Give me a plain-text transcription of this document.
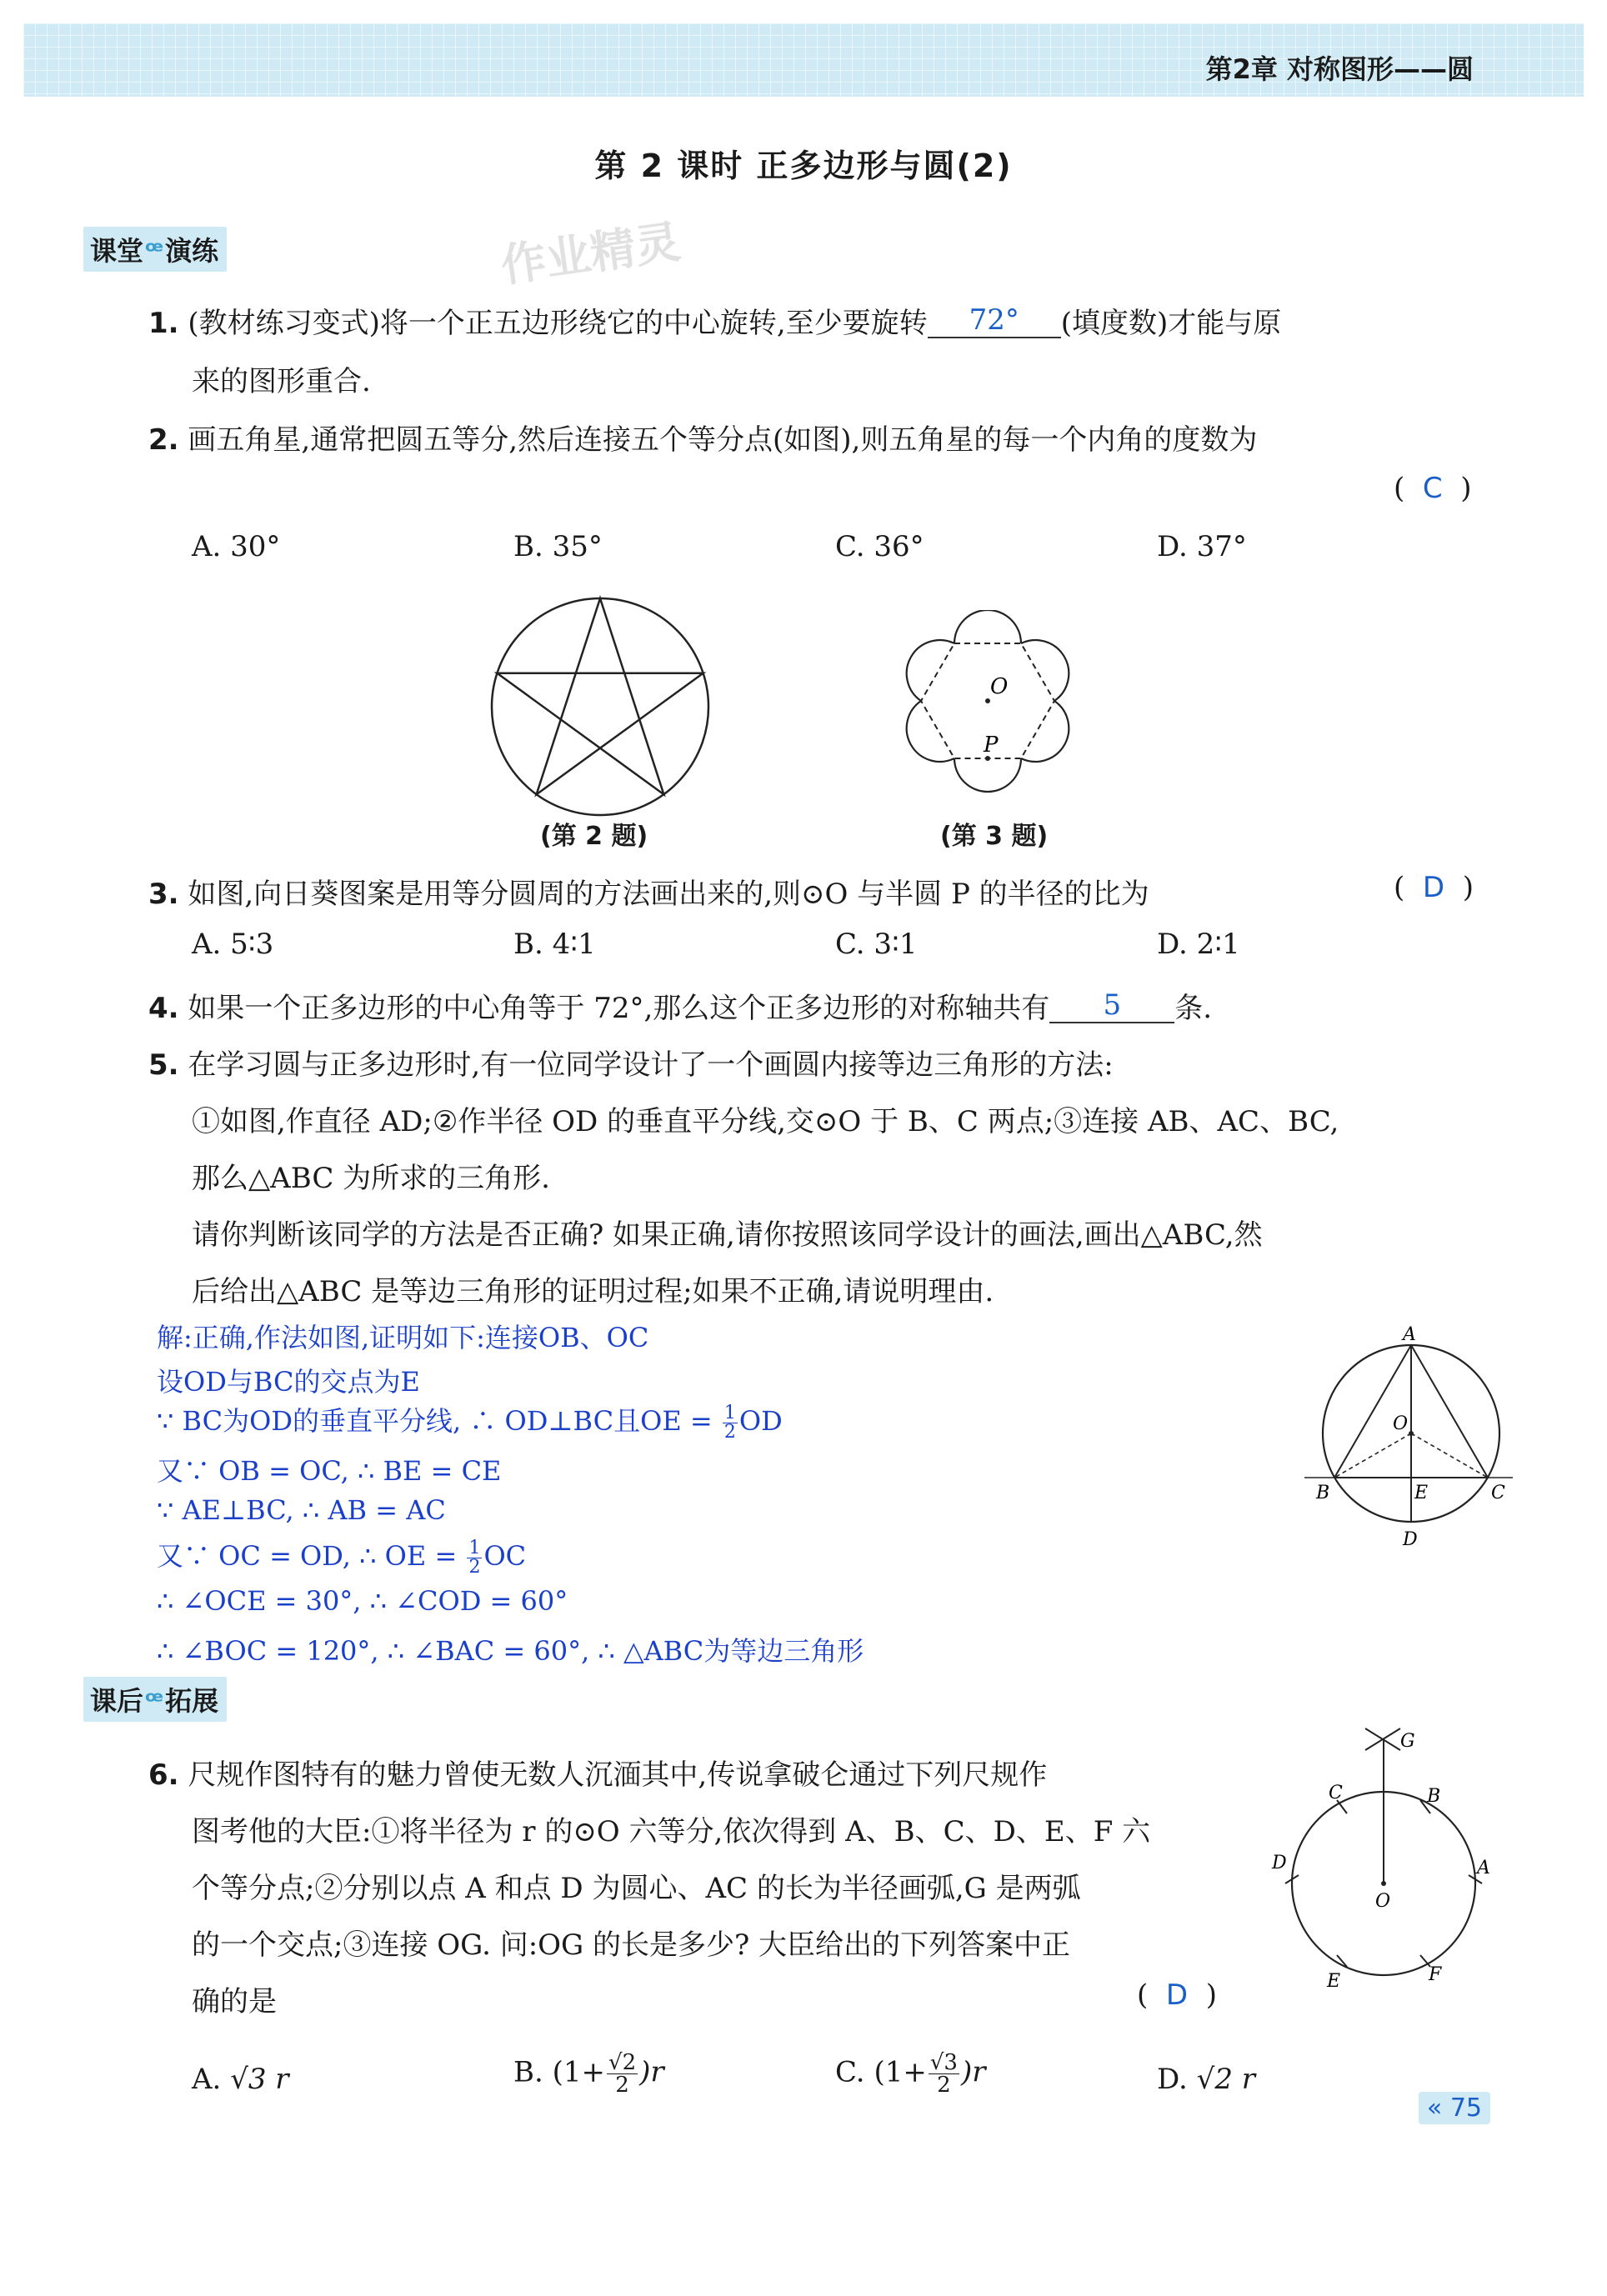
第2章 对称图形——圆
第 2 课时 正多边形与圆(2)
课堂ꟹ演练	作业精灵
1. (教材练习变式)将一个正五边形绕它的中心旋转,至少要旋转 72° (填度数)才能与原
来的图形重合.
2. 画五角星,通常把圆五等分,然后连接五个等分点(如图),则五角星的每一个内角的度数为
(  C  )
A. 30°	B. 35°	C. 36°	D. 37°
(第 2 题)
O
P
(第 3 题)
3. 如图,向日葵图案是用等分圆周的方法画出来的,则⊙O 与半圆 P 的半径的比为	(  D  )
A. 5∶3	B. 4∶1	C. 3∶1	D. 2∶1
4. 如果一个正多边形的中心角等于 72°,那么这个正多边形的对称轴共有 5 条.
5. 在学习圆与正多边形时,有一位同学设计了一个画圆内接等边三角形的方法:
①如图,作直径 AD;②作半径 OD 的垂直平分线,交⊙O 于 B、C 两点;③连接 AB、AC、BC,
那么△ABC 为所求的三角形.
请你判断该同学的方法是否正确? 如果正确,请你按照该同学设计的画法,画出△ABC,然
后给出△ABC 是等边三角形的证明过程;如果不正确,请说明理由.
解:正确,作法如图,证明如下:连接OB、OC
设OD与BC的交点为E
∵ BC为OD的垂直平分线, ∴ OD⊥BC且OE = $\frac{1}{2}$ OD
又∵ OB = OC, ∴ BE = CE
∵ AE⊥BC, ∴ AB = AC
又∵ OC = OD, ∴ OE = $\frac{1}{2}$ OC
∴ ∠OCE = 30°, ∴ ∠COD = 60°
∴ ∠BOC = 120°, ∴ ∠BAC = 60°, ∴ △ABC为等边三角形
A
O
B	C
E
D
课后ꟹ拓展
6. 尺规作图特有的魅力曾使无数人沉湎其中,传说拿破仑通过下列尺规作
图考他的大臣:①将半径为 r 的⊙O 六等分,依次得到 A、B、C、D、E、F 六
个等分点;②分别以点 A 和点 D 为圆心、AC 的长为半径画弧,G 是两弧
的一个交点;③连接 OG. 问:OG 的长是多少? 大臣给出的下列答案中正
确的是	(  D  )
A. √3 r	B. $(1+ \frac{√2}{2} )r$	C. $(1+ \frac{√3}{2} )r$	D. √2 r
G
C	B
D
O
A
E	F
« 75
